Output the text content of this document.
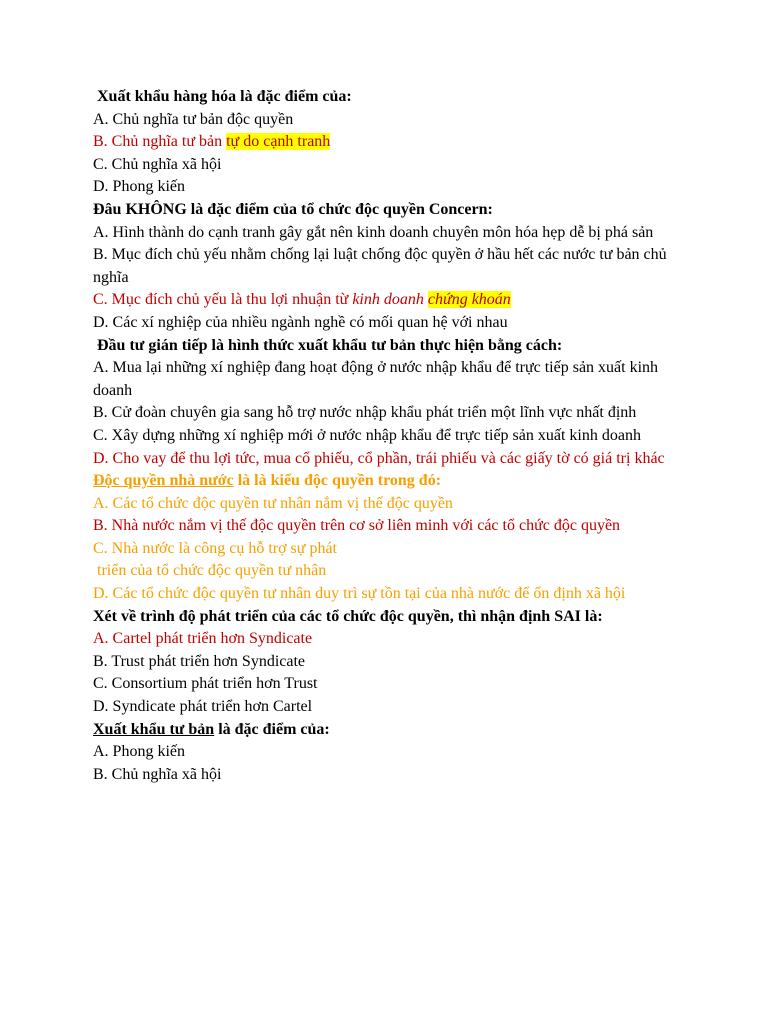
Xuất khẩu hàng hóa là đặc điểm của:

A. Chủ nghĩa tư bản độc quyền

B. Chủ nghĩa tư bản tự do cạnh tranh

C. Chủ nghĩa xã hội

D. Phong kiến

Đâu KHÔNG là đặc điểm của tổ chức độc quyền Concern:

A. Hình thành do cạnh tranh gây gắt nên kinh doanh chuyên môn hóa hẹp dễ bị phá sản

B. Mục đích chủ yếu nhằm chống lại luật chống độc quyền ở hầu hết các nước tư bản chủ nghĩa

C. Mục đích chủ yếu là thu lợi nhuận từ kinh doanh chứng khoán

D. Các xí nghiệp của nhiều ngành nghề có mối quan hệ với nhau

Đầu tư gián tiếp là hình thức xuất khẩu tư bản thực hiện bằng cách:

A. Mua lại những xí nghiệp đang hoạt động ở nước nhập khẩu để trực tiếp sản xuất kinh doanh

B. Cử đoàn chuyên gia sang hỗ trợ nước nhập khẩu phát triển một lĩnh vực nhất định

C. Xây dựng những xí nghiệp mới ở nước nhập khẩu để trực tiếp sản xuất kinh doanh

D. Cho vay để thu lợi tức, mua cổ phiếu, cổ phần, trái phiếu và các giấy tờ có giá trị khác

Độc quyền nhà nước là là kiểu độc quyền trong đó:

A. Các tổ chức độc quyền tư nhân nắm vị thế độc quyền

B. Nhà nước nắm vị thế độc quyền trên cơ sở liên minh với các tổ chức độc quyền

C. Nhà nước là công cụ hỗ trợ sự phát

triển của tổ chức độc quyền tư nhân

D. Các tổ chức độc quyền tư nhân duy trì sự tồn tại của nhà nước để ổn định xã hội

Xét về trình độ phát triển của các tổ chức độc quyền, thì nhận định SAI là:

A. Cartel phát triển hơn Syndicate

B. Trust phát triển hơn Syndicate

C. Consortium phát triển hơn Trust

D. Syndicate phát triển hơn Cartel

Xuất khẩu tư bản là đặc điểm của:

A. Phong kiến

B. Chủ nghĩa xã hội
